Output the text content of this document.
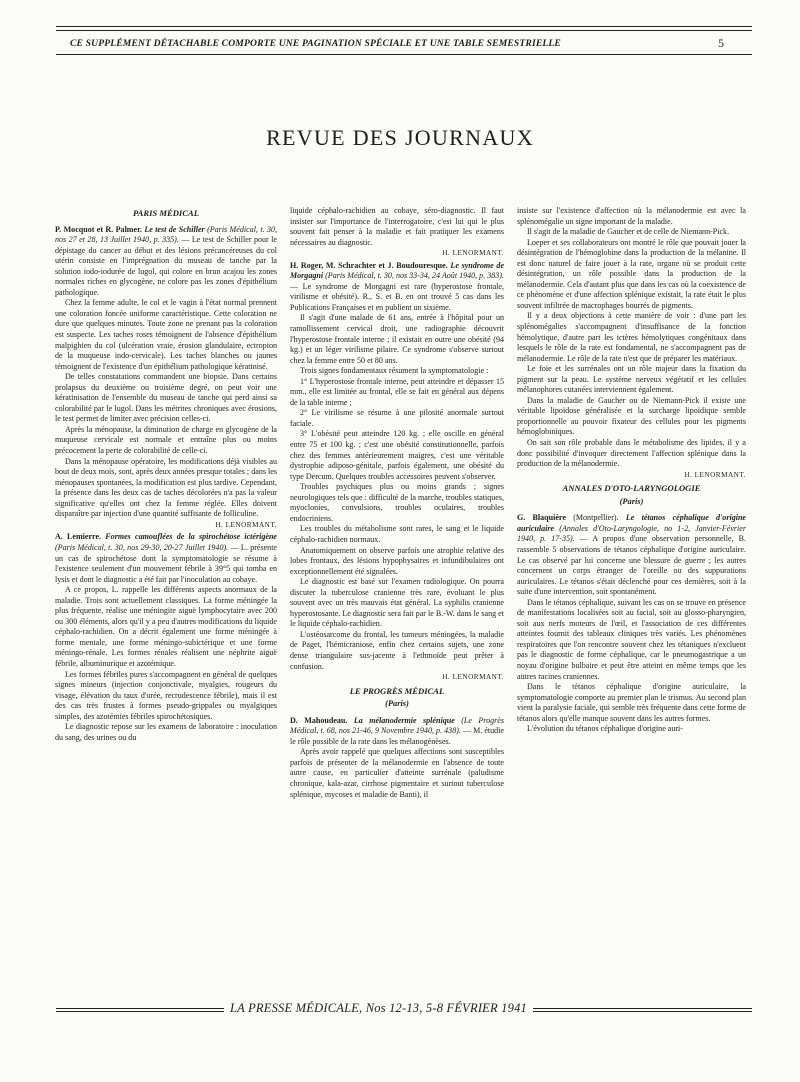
CE SUPPLÉMENT DÉTACHABLE COMPORTE UNE PAGINATION SPÉCIALE ET UNE TABLE SEMESTRIELLE	5
REVUE DES JOURNAUX
PARIS MÉDICAL

P. Mocquot et R. Palmer. Le test de Schiller (Paris Médical, t. 30, nos 27 et 28, 13 Juillet 1940, p. 335). — Le test de Schiller pour le dépistage du cancer au début et des lésions précancéreuses du col utérin consiste en l'imprégnation du museau de tanche par la solution iodo-iodurée de lugol, qui colore en brun acajou les zones normales riches en glycogène, ne colore pas les zones d'épithélium pathologique.

Chez la femme adulte, le col et le vagin à l'état normal prennent une coloration foncée uniforme caractéristique. Cette coloration ne dure que quelques minutes. Toute zone ne prenant pas la coloration est suspecte. Les taches roses témoignent de l'absence d'épithélium malpighien du col (ulcération vraie, érosion glandulaire, ectropion de la muqueuse indo-cervicale). Les taches blanches ou jaunes témoignent de l'existence d'un épithélium pathologique kératinisé.

De telles constatations commandent une biopsie. Dans certains prolapsus du deuxième ou troisième degré, on peut voir une kératinisation de l'ensemble du museau de tanche qui perd ainsi sa colorabilité par le lugol. Dans les métrites chroniques avec érosions, le test permet de limiter avec précision celles-ci.

Après la ménopause, la diminution de charge en glycogène de la muqueuse cervicale est normale et entraîne plus ou moins précocement la perte de colorabilité de celle-ci.

Dans la ménopause opératoire, les modifications déjà visibles au bout de deux mois, sont, après deux années presque totales ; dans les ménopauses spontanées, la modification est plus tardive. Cependant, la présence dans les deux cas de taches décolorées n'a pas la valeur significative qu'elles ont chez la femme réglée. Elles doivent disparaître par injection d'une quantité suffisante de folliculine.

H. LENORMANT.

A. Lemierre. Formes camouflées de la spirochétose ictérigène (Paris Médical, t. 30, nos 29-30, 20-27 Juillet 1940). — L. présente un cas de spirochétose dont la symptomatologie se résume à l'existence seulement d'un mouvement fébrile à 39°5 qui tomba en lysis et dont le diagnostic a été fait par l'inoculation au cobaye.

A ce propos, L. rappelle les différents aspects anormaux de la maladie. Trois sont actuellement classiques. La forme méningée la plus fréquente, réalise une méningite aiguë lymphocytaire avec 200 ou 300 éléments, alors qu'il y a peu d'autres modifications du liquide céphalo-rachidien. On a décrit également une forme méningée à forme mentale, une forme méningo-subictérique et une forme méningo-rénale. Les formes rénales réalisent une néphrite aiguë fébrile, albuminurique et azotémique.

Les formes fébriles pures s'accompagnent en général de quelques signes mineurs (injection conjonctivale, myalgies, rougeurs du visage, élévation du taux d'urée, recrudescence fébrile), mais il est des cas très frustes à formes pseudo-grippales ou myalgiques simples, des azotémies fébriles spirochétosiques.

Le diagnostic repose sur les examens de laboratoire : inoculation du sang, des urines ou du

liquide céphalo-rachidien au cobaye, séro-diagnostic. Il faut insister sur l'importance de l'interrogatoire, c'est lui qui le plus souvent fait penser à la maladie et fait pratiquer les examens nécessaires au diagnostic.

H. LENORMANT.

H. Roger, M. Schrachter et J. Boudouresque. Le syndrome de Morgagni (Paris Médical, t. 30, nos 33-34, 24 Août 1940, p. 383). — Le syndrome de Morgagni est rare (hyperostose frontale, virilisme et obésité). R., S. et B. en ont trouvé 5 cas dans les Publications Françaises et en publient un sixième.

Il s'agit d'une malade de 61 ans, entrée à l'hôpital pour un ramollissement cervical droit, une radiographie découvrit l'hyperostose frontale interne ; il existait en outre une obésité (94 kg.) et un léger virilisme pilaire. Ce syndrome s'observe surtout chez la femme entre 50 et 80 ans.

Trois signes fondamentaux résument la symptomatologie :

1° L'hyperostose frontale interne, peut atteindre et dépasser 15 mm., elle est limitée au frontal, elle se fait en général aux dépens de la table interne ;

2° Le virilisme se résume à une pilosité anormale surtout faciale.

3° L'obésité peut atteindre 120 kg. ; elle oscille en général entre 75 et 100 kg. ; c'est une obésité constitutionnelle, parfois chez des femmes antérieurement maigres, c'est une véritable dystrophie adiposo-génitale, parfois également, une obésité du type Dercum. Quelques troubles accessoires peuvent s'observer.

Troubles psychiques plus ou moins grands ; signes neurologiques tels que : difficulté de la marche, troubles statiques, myoclonies, convulsions, troubles oculaires, troubles endocriniens.

Les troubles du métabolisme sont rares, le sang et le liquide céphalo-rachidien normaux.

Anatomiquement on observe parfois une atrophie relative des lobes frontaux, des lésions hypophysaires et infundibulaires ont exceptionnellement été signalées.

Le diagnostic est basé sur l'examen radiologique. On pourra discuter la tuberculose cranienne très rare, évoluant le plus souvent avec un très mauvais état général. La syphilis cranienne hyperostosante. Le diagnostic sera fait par le B.-W. dans le sang et le liquide céphalo-rachidien.

L'ostéosarcome du frontal, les tumeurs méningées, la maladie de Paget, l'hémicraniose, enfin chez certains sujets, une zone dense triangulaire sus-jacente à l'ethmoïde peut prêter à confusion.

H. LENORMANT.

LE PROGRÈS MÉDICAL
(Paris)

D. Mahoudeau. La mélanodermie splénique (Le Progrès Médical, t. 68, nos 21-46, 9 Novembre 1940, p. 438). — M. étudie le rôle possible de la rate dans les mélanogénèses.

Après avoir rappelé que quelques affections sont susceptibles parfois de présenter de la mélanodermie en l'absence de toute autre cause, en particulier d'atteinte surrénale (paludisme chronique, kala-azar, cirrhose pigmentaire et surtout tuberculose splénique, mycoses et maladie de Banti), il

insiste sur l'existence d'affection où la mélanodermie est avec la splénomégalie un signe important de la maladie.

Il s'agit de la maladie de Gaucher et de celle de Niemann-Pick.

Loeper et ses collaborateurs ont montré le rôle que pouvait jouer la désintégration de l'hémoglobine dans la production de la mélanine. Il est donc naturel de faire jouer à la rate, organe où se produit cette désintégration, un rôle possible dans la production de la mélanodermie. Cela d'autant plus que dans les cas où la coexistence de ce phénomène et d'une affection splénique existait, la rate était le plus souvent infiltrée de macrophages bourrés de pigments.

Il y a deux objections à cette manière de voir : d'une part les splénomégalies s'accompagnent d'insuffisance de la fonction hémolytique, d'autre part les ictères hémolytiques congénitaux dans lesquels le rôle de la rate est fondamental, ne s'accompagnent pas de mélanodermie. Le rôle de la rate n'est que de préparer les matériaux.

Le foie et les surrénales ont un rôle majeur dans la fixation du pigment sur la peau. Le système nerveux végétatif et les cellules mélanophores cutanées interviennent également.

Dans la maladie de Gaucher ou de Niemann-Pick il existe une véritable lipoïdose généralisée et la surcharge lipoïdique semble proportionnelle au pouvoir fixateur des cellules pour les pigments hémoglobiniques.

On sait son rôle probable dans le métabolisme des lipides, il y a donc possibilité d'invoquer directement l'affection splénique dans la production de la mélanodermie.

H. LENORMANT.

ANNALES D'OTO-LARYNGOLOGIE
(Paris)

G. Blaquière (Montpellier). Le tétanos céphalique d'origine auriculaire (Annales d'Oto-Laryngologie, no 1-2, Janvier-Février 1940, p. 17-35). — A propos d'une observation personnelle, B. rassemble 5 observations de tétanos céphalique d'origine auriculaire. Le cas observé par lui concerne une blessure de guerre ; les autres concernent un corps étranger de l'oreille ou des suppurations auriculaires. Le tétanos s'était déclenché pour ces dernières, soit à la suite d'une intervention, soit spontanément.

Dans le tétanos céphalique, suivant les cas on se trouve en présence de manifestations localisées soit au facial, soit au glosso-pharyngien, soit aux nerfs moteurs de l'œil, et l'association de ces différentes atteintes fournit des tableaux cliniques très variés. Les phénomènes respiratoires que l'on rencontre souvent chez les tétaniques n'excluent pas le diagnostic de forme céphalique, car le pneumogastrique a un noyau d'origine bulbaire et peut être atteint en même temps que les autres racines craniennes.

Dans le tétanos céphalique d'origine auriculaire, la symptomatologie comporte au premier plan le trismus. Au second plan vient la paralysie faciale, qui semble très fréquente dans cette forme de tétanos alors qu'elle manque souvent dans les autres formes.

L'évolution du tétanos céphalique d'origine auri-

LA PRESSE MÉDICALE, Nos 12-13, 5-8 FÉVRIER 1941
